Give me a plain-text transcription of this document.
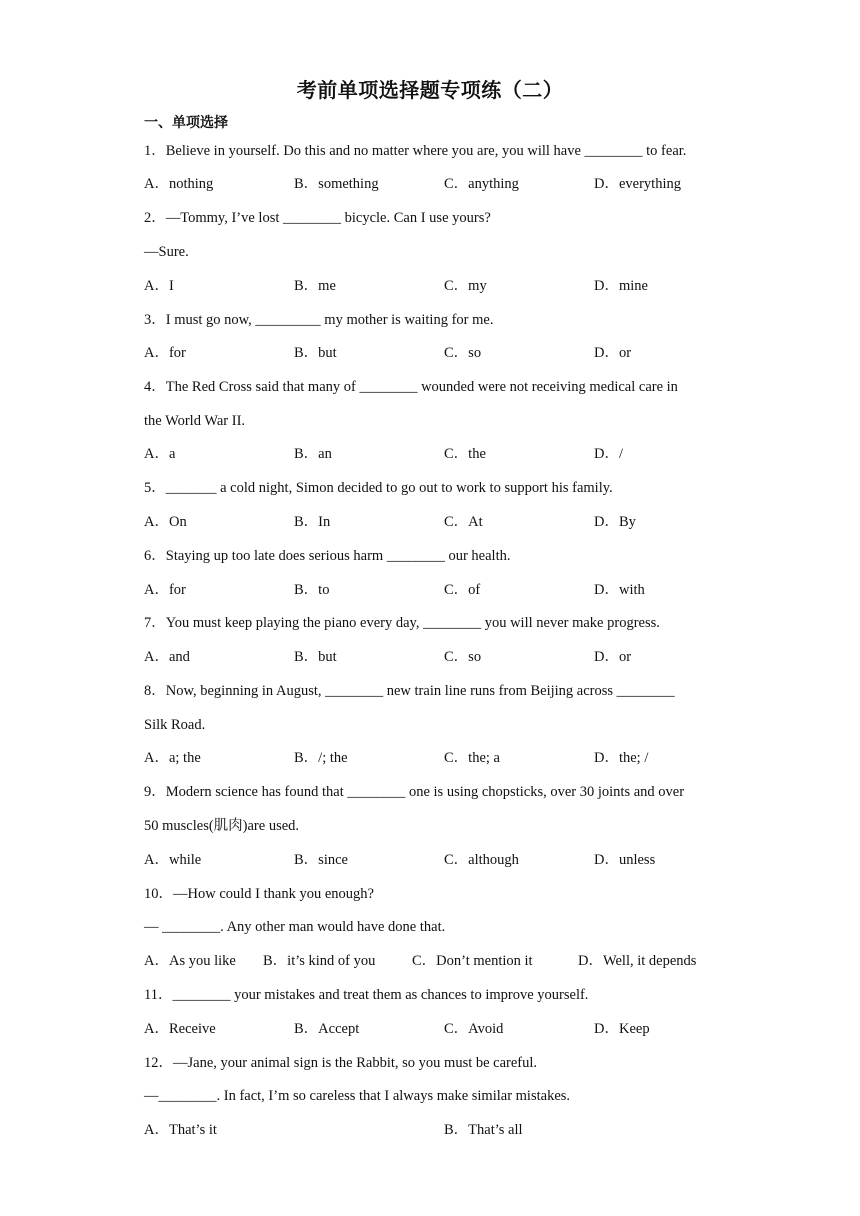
考前单项选择题专项练（二）
一、单项选择
1．Believe in yourself. Do this and no matter where you are, you will have ________ to fear.
A．nothing	B．something	C．anything	D．everything
2．—Tommy, I’ve lost ________ bicycle. Can I use yours?
—Sure.
A．I	B．me	C．my	D．mine
3．I must go now, _________ my mother is waiting for me.
A．for	B．but	C．so	D．or
4．The Red Cross said that many of ________ wounded were not receiving medical care in
the World War II.
A．a	B．an	C．the	D．/
5．_______ a cold night, Simon decided to go out to work to support his family.
A．On	B．In	C．At	D．By
6．Staying up too late does serious harm ________ our health.
A．for	B．to	C．of	D．with
7．You must keep playing the piano every day, ________ you will never make progress.
A．and	B．but	C．so	D．or
8．Now, beginning in August, ________ new train line runs from Beijing across ________
Silk Road.
A．a; the	B．/; the	C．the; a	D．the; /
9．Modern science has found that ________ one is using chopsticks, over 30 joints and over
50 muscles(肌肉)are used.
A．while	B．since	C．although	D．unless
10．—How could I thank you enough?
— ________. Any other man would have done that.
A．As you like B．it’s kind of you	C．Don’t mention it	D．Well, it depends
11．________ your mistakes and treat them as chances to improve yourself.
A．Receive	B．Accept	C．Avoid	D．Keep
12．—Jane, your animal sign is the Rabbit, so you must be careful.
—________. In fact, I’m so careless that I always make similar mistakes.
A．That’s it	B．That’s all
